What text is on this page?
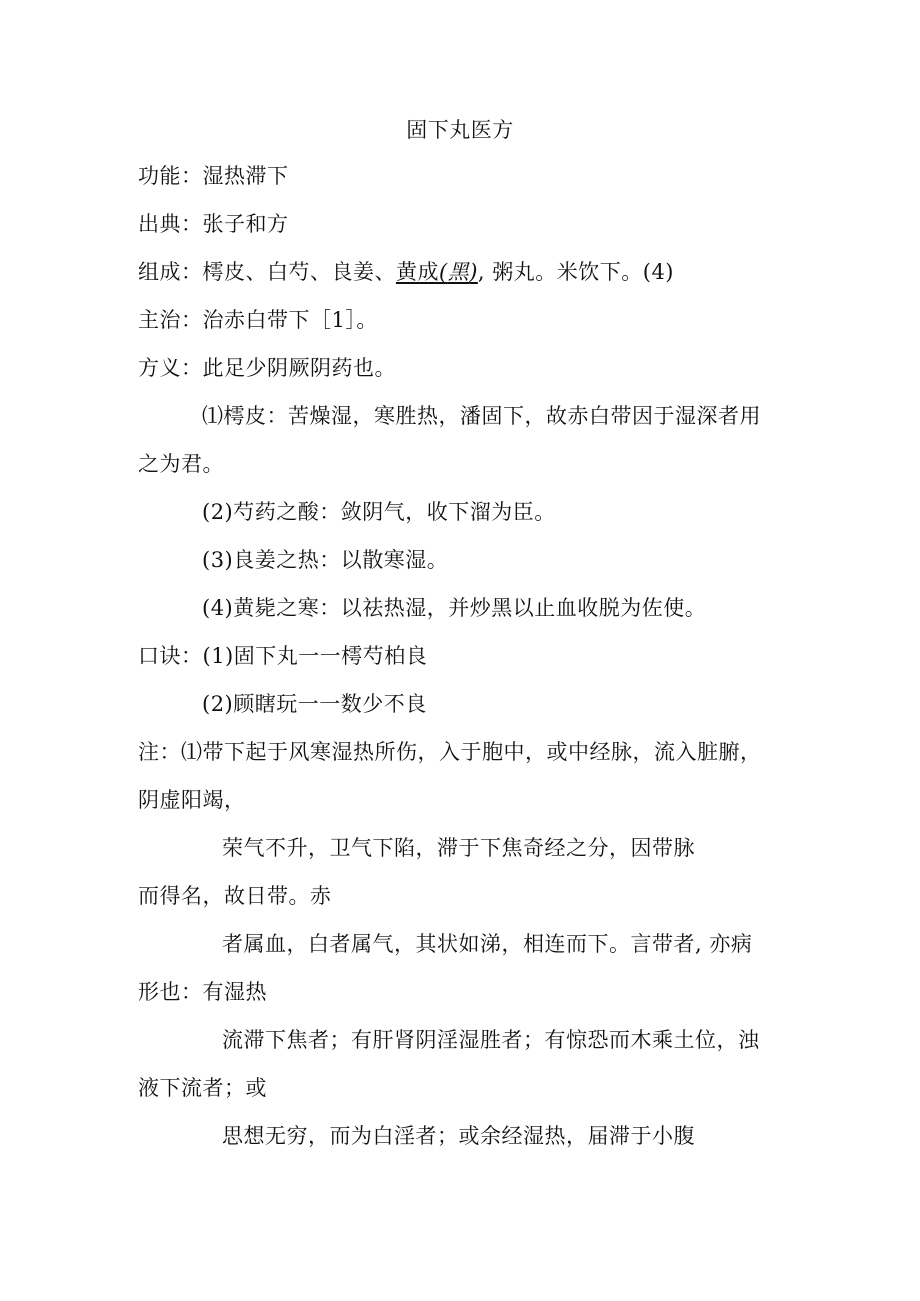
固下丸医方
功能：湿热滞下
出典：张子和方
组成：樗皮、白芍、良姜、黄成(黑), 粥丸。米饮下。(4)
主治：治赤白带下［1］。
方义：此足少阴厥阴药也。
⑴樗皮：苦燥湿，寒胜热，潘固下，故赤白带因于湿深者用
之为君。
(2)芍药之酸：敛阴气，收下溜为臣。
(3)良姜之热：以散寒湿。
(4)黄毙之寒：以祛热湿，并炒黑以止血收脱为佐使。
口诀：(1)固下丸一一樗芍柏良
(2)顾瞎玩一一数少不良
注：⑴带下起于风寒湿热所伤，入于胞中，或中经脉，流入脏腑，
阴虚阳竭，
荣气不升，卫气下陷，滞于下焦奇经之分，因带脉
而得名，故日带。赤
者属血，白者属气，其状如涕，相连而下。言带者, 亦病
形也：有湿热
流滞下焦者；有肝肾阴淫湿胜者；有惊恐而木乘土位，浊
液下流者；或
思想无穷，而为白淫者；或余经湿热，届滞于小腹
